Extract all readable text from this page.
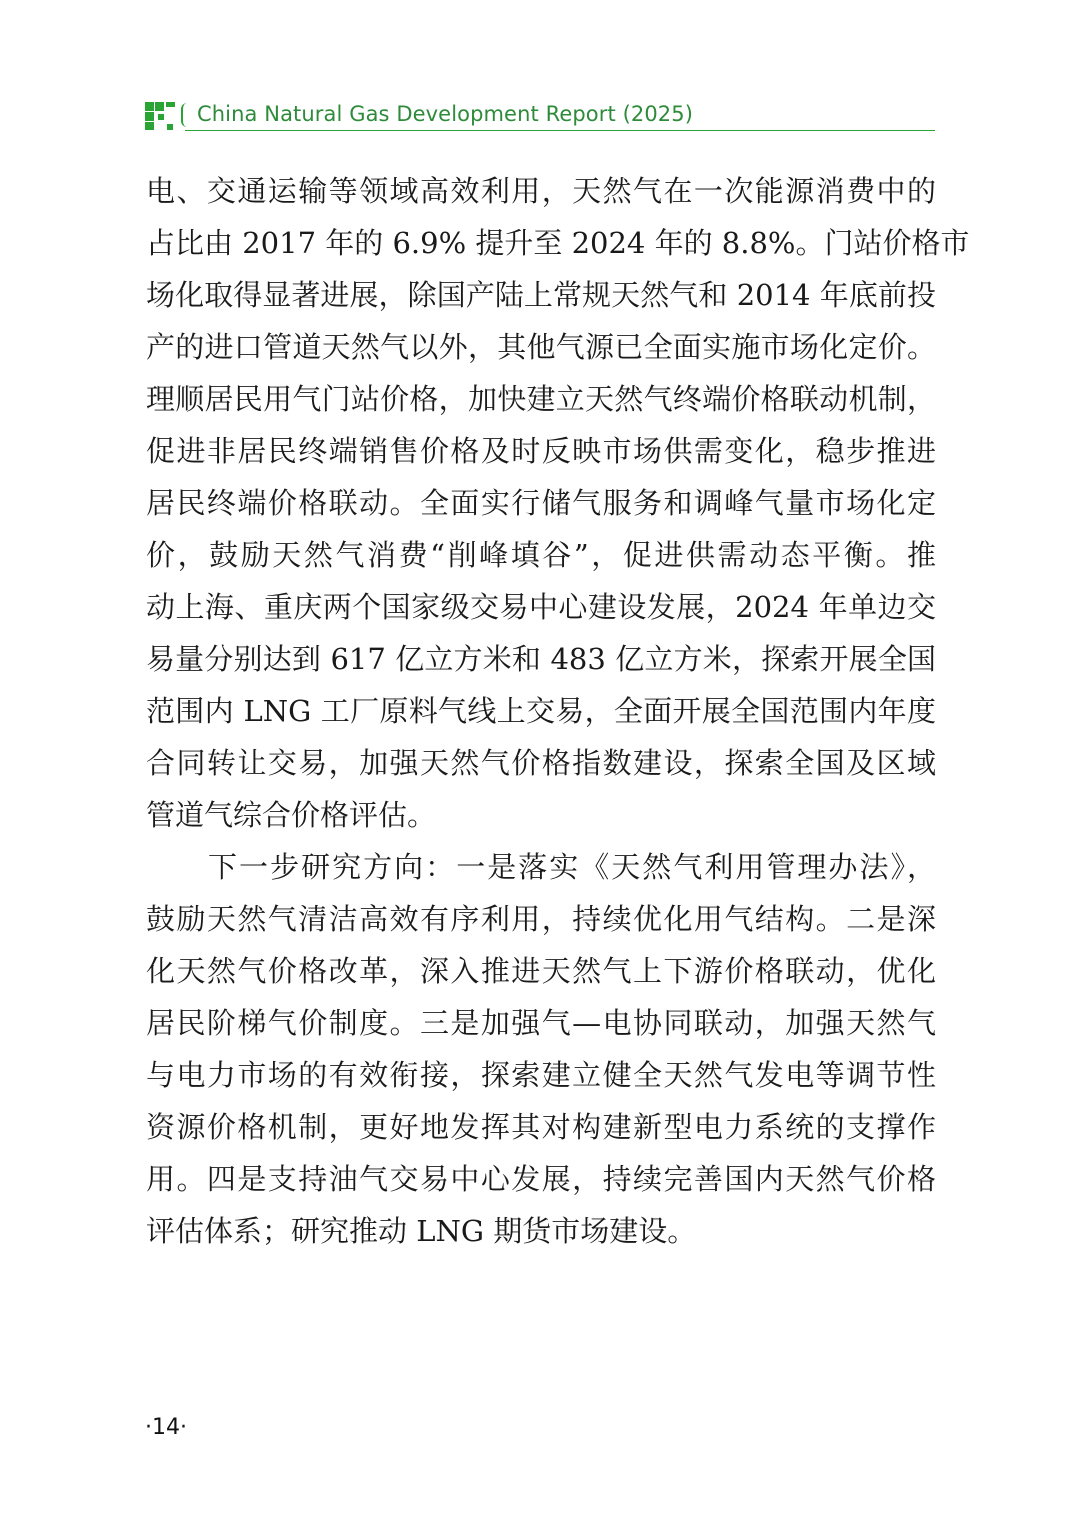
China Natural Gas Development Report (2025)
电、交通运输等领域高效利用，天然气在一次能源消费中的
占比由 2017 年的 6.9% 提升至 2024 年的 8.8%。门站价格市
场化取得显著进展，除国产陆上常规天然气和 2014 年底前投
产的进口管道天然气以外，其他气源已全面实施市场化定价。
理顺居民用气门站价格，加快建立天然气终端价格联动机制，
促进非居民终端销售价格及时反映市场供需变化，稳步推进
居民终端价格联动。全面实行储气服务和调峰气量市场化定
价，鼓励天然气消费“削峰填谷”，促进供需动态平衡。推
动上海、重庆两个国家级交易中心建设发展，2024 年单边交
易量分别达到 617 亿立方米和 483 亿立方米，探索开展全国
范围内 LNG 工厂原料气线上交易，全面开展全国范围内年度
合同转让交易，加强天然气价格指数建设，探索全国及区域
管道气综合价格评估。
　　下一步研究方向：一是落实《天然气利用管理办法》，
鼓励天然气清洁高效有序利用，持续优化用气结构。二是深
化天然气价格改革，深入推进天然气上下游价格联动，优化
居民阶梯气价制度。三是加强气—电协同联动，加强天然气
与电力市场的有效衔接，探索建立健全天然气发电等调节性
资源价格机制，更好地发挥其对构建新型电力系统的支撑作
用。四是支持油气交易中心发展，持续完善国内天然气价格
评估体系；研究推动 LNG 期货市场建设。
·14·
